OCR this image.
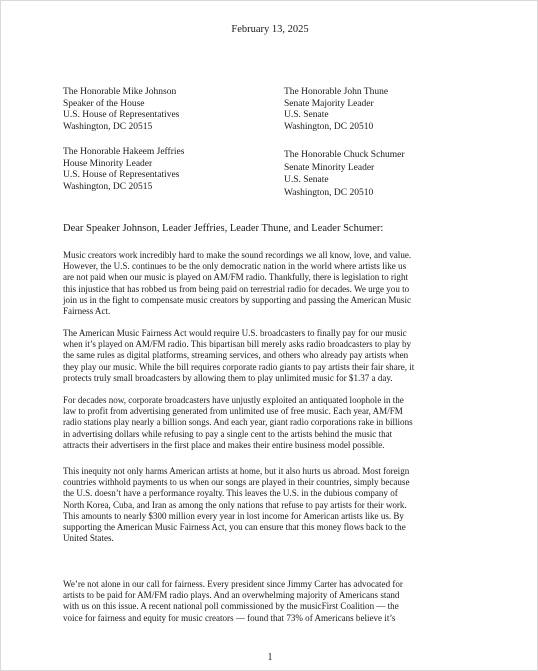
February 13, 2025
The Honorable Mike Johnson
Speaker of the House
U.S. House of Representatives
Washington, DC 20515
The Honorable John Thune
Senate Majority Leader
U.S. Senate
Washington, DC 20510
The Honorable Hakeem Jeffries
House Minority Leader
U.S. House of Representatives
Washington, DC 20515
The Honorable Chuck Schumer
Senate Minority Leader
U.S. Senate
Washington, DC 20510
Dear Speaker Johnson, Leader Jeffries, Leader Thune, and Leader Schumer:
Music creators work incredibly hard to make the sound recordings we all know, love, and value.
However, the U.S. continues to be the only democratic nation in the world where artists like us
are not paid when our music is played on AM/FM radio. Thankfully, there is legislation to right
this injustice that has robbed us from being paid on terrestrial radio for decades. We urge you to
join us in the fight to compensate music creators by supporting and passing the American Music
Fairness Act.
The American Music Fairness Act would require U.S. broadcasters to finally pay for our music
when it’s played on AM/FM radio. This bipartisan bill merely asks radio broadcasters to play by
the same rules as digital platforms, streaming services, and others who already pay artists when
they play our music. While the bill requires corporate radio giants to pay artists their fair share, it
protects truly small broadcasters by allowing them to play unlimited music for $1.37 a day.
For decades now, corporate broadcasters have unjustly exploited an antiquated loophole in the
law to profit from advertising generated from unlimited use of free music. Each year, AM/FM
radio stations play nearly a billion songs. And each year, giant radio corporations rake in billions
in advertising dollars while refusing to pay a single cent to the artists behind the music that
attracts their advertisers in the first place and makes their entire business model possible.
This inequity not only harms American artists at home, but it also hurts us abroad. Most foreign
countries withhold payments to us when our songs are played in their countries, simply because
the U.S. doesn’t have a performance royalty. This leaves the U.S. in the dubious company of
North Korea, Cuba, and Iran as among the only nations that refuse to pay artists for their work.
This amounts to nearly $300 million every year in lost income for American artists like us. By
supporting the American Music Fairness Act, you can ensure that this money flows back to the
United States.
We’re not alone in our call for fairness. Every president since Jimmy Carter has advocated for
artists to be paid for AM/FM radio plays. And an overwhelming majority of Americans stand
with us on this issue. A recent national poll commissioned by the musicFirst Coalition — the
voice for fairness and equity for music creators — found that 73% of Americans believe it’s
1
